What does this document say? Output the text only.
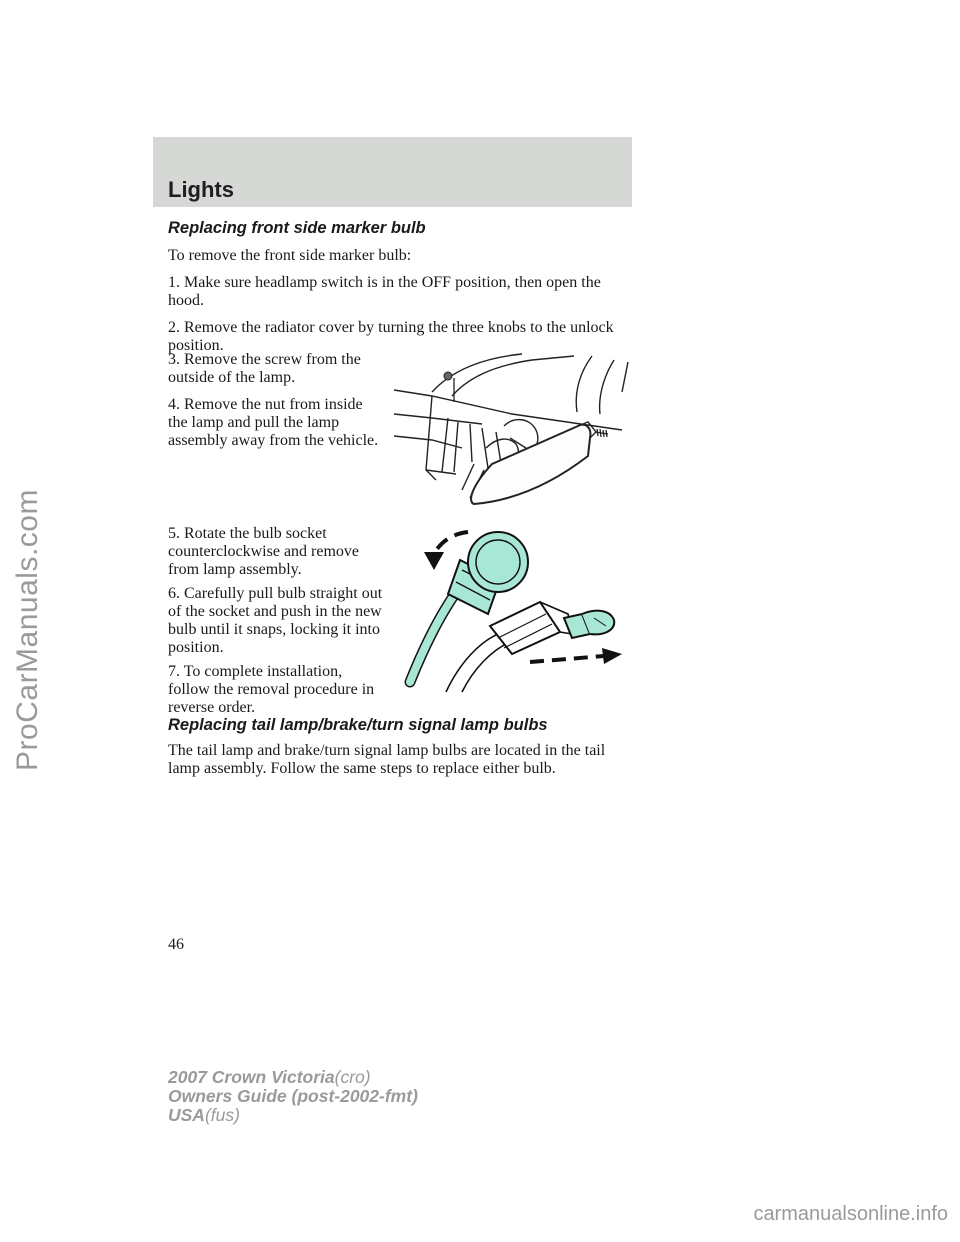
ProCarManuals.com
Lights
Replacing front side marker bulb
To remove the front side marker bulb:
1. Make sure headlamp switch is in the OFF position, then open the hood.
2. Remove the radiator cover by turning the three knobs to the unlock position.
3. Remove the screw from the outside of the lamp.
4. Remove the nut from inside the lamp and pull the lamp assembly away from the vehicle.
5. Rotate the bulb socket counterclockwise and remove from lamp assembly.
6. Carefully pull bulb straight out of the socket and push in the new bulb until it snaps, locking it into position.
7. To complete installation, follow the removal procedure in reverse order.
Replacing tail lamp/brake/turn signal lamp bulbs
The tail lamp and brake/turn signal lamp bulbs are located in the tail lamp assembly. Follow the same steps to replace either bulb.
46
2007 Crown Victoria(cro)
Owners Guide (post-2002-fmt)
USA(fus)
carmanualsonline.info
